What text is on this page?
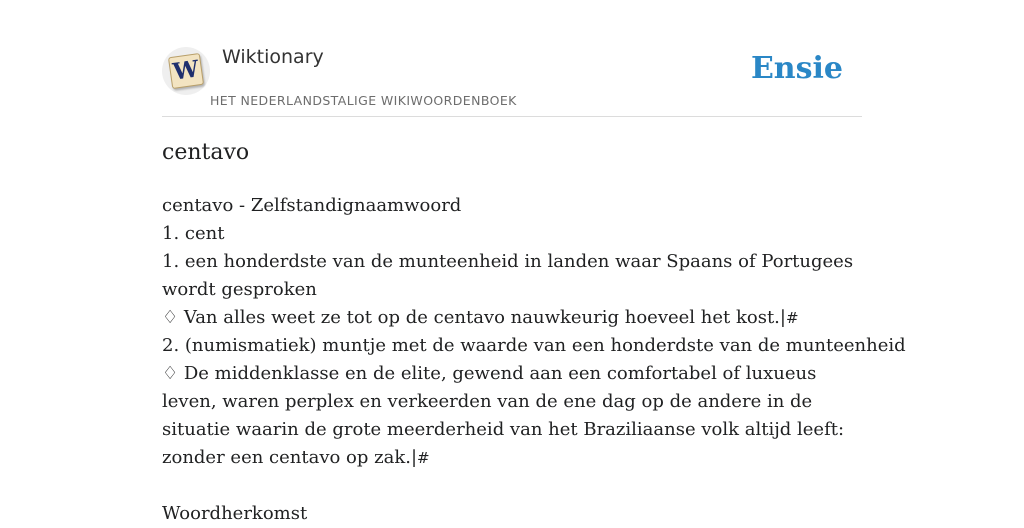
W Wiktionary
HET NEDERLANDSTALIGE WIKIWOORDENBOEK
Ensie
centavo
centavo - Zelfstandignaamwoord
1. cent
1. een honderdste van de munteenheid in landen waar Spaans of Portugees wordt gesproken
♢ Van alles weet ze tot op de centavo nauwkeurig hoeveel het kost.|#
2. (numismatiek) muntje met de waarde van een honderdste van de munteenheid
♢ De middenklasse en de elite, gewend aan een comfortabel of luxueus leven, waren perplex en verkeerden van de ene dag op de andere in de situatie waarin de grote meerderheid van het Braziliaanse volk altijd leeft: zonder een centavo op zak.|#
Woordherkomst
